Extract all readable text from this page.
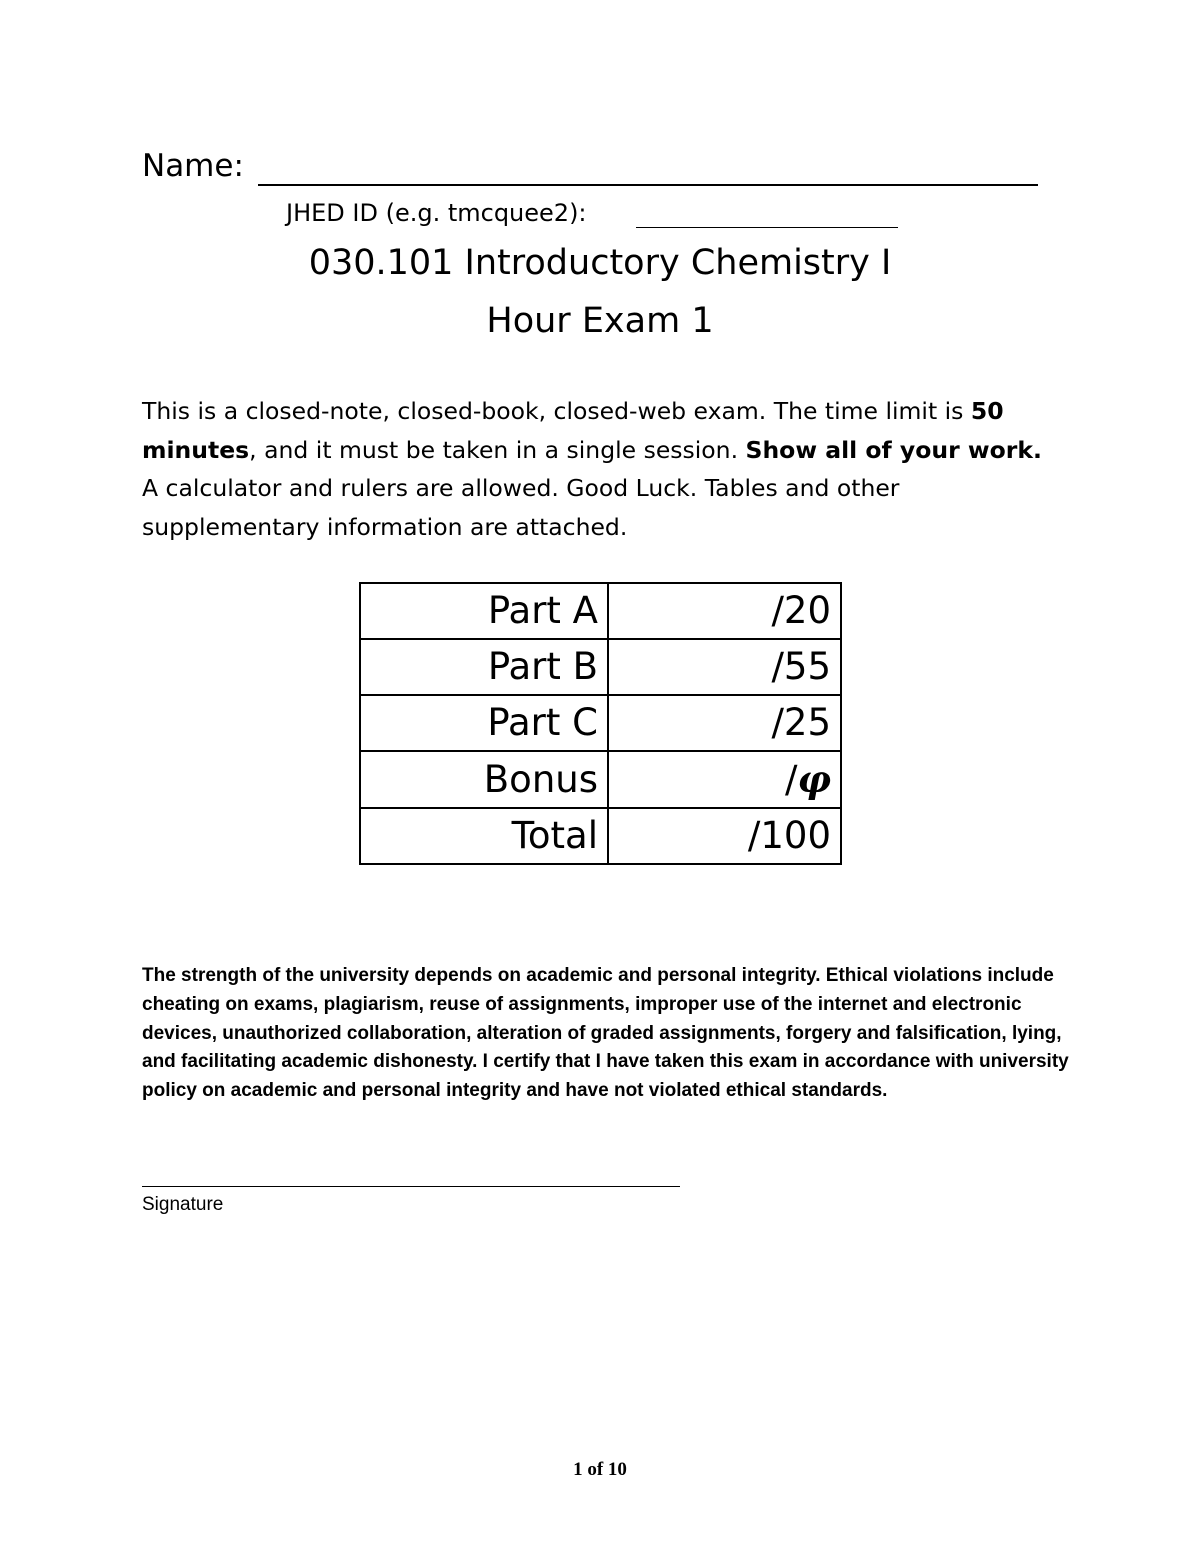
Name:
JHED ID (e.g. tmcquee2):
030.101 Introductory Chemistry I
Hour Exam 1
This is a closed-note, closed-book, closed-web exam. The time limit is 50 minutes, and it must be taken in a single session. Show all of your work. A calculator and rulers are allowed. Good Luck. Tables and other supplementary information are attached.
Part A	/20
Part B	/55
Part C	/25
Bonus	/φ
Total	/100
The strength of the university depends on academic and personal integrity. Ethical violations include cheating on exams, plagiarism, reuse of assignments, improper use of the internet and electronic devices, unauthorized collaboration, alteration of graded assignments, forgery and falsification, lying, and facilitating academic dishonesty. I certify that I have taken this exam in accordance with university policy on academic and personal integrity and have not violated ethical standards.
Signature
1 of 10
